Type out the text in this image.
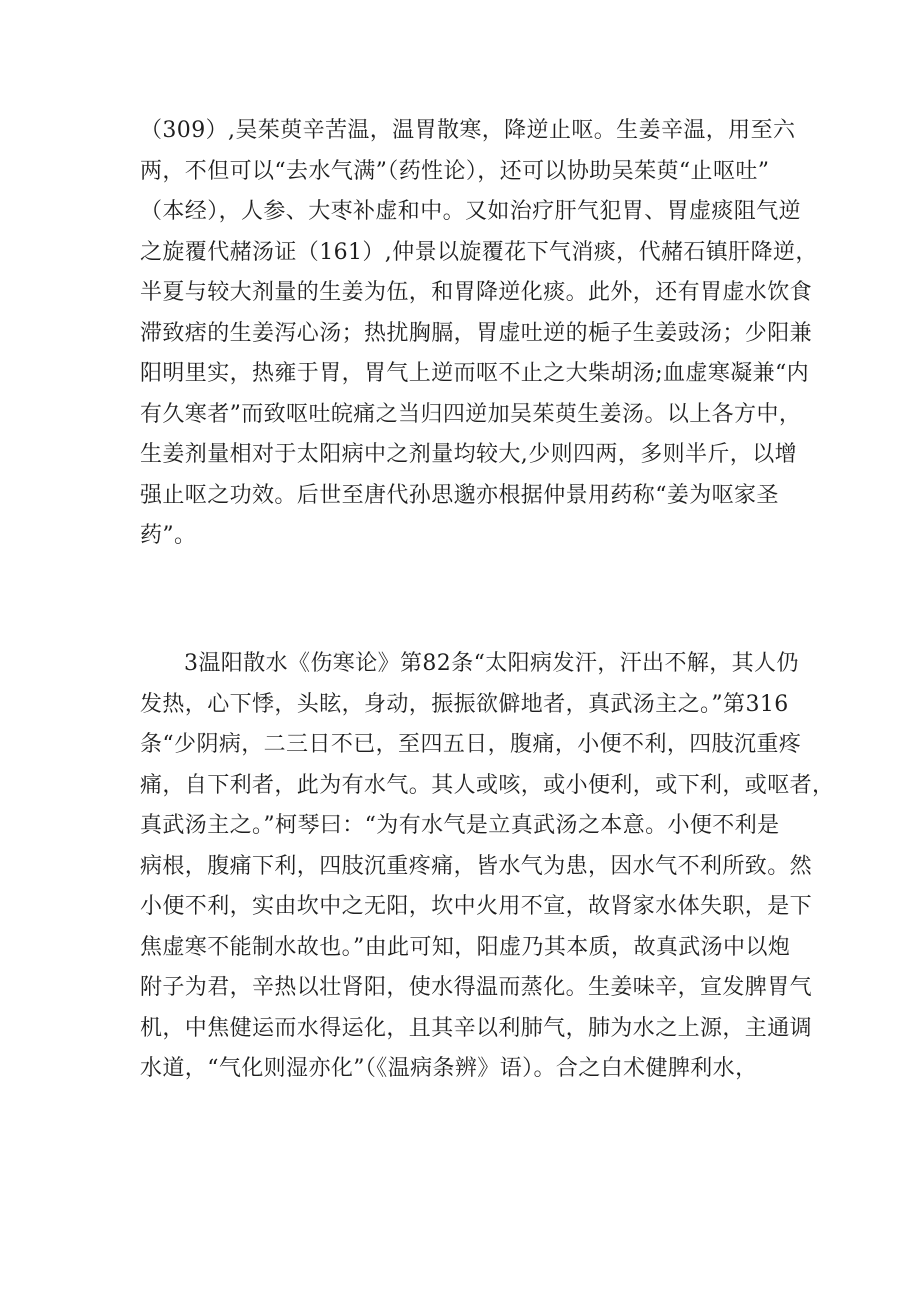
（309）,吴茱萸辛苦温，温胃散寒，降逆止呕。生姜辛温，用至六
两，不但可以“去水气满”（药性论），还可以协助吴茱萸“止呕吐”
（本经），人参、大枣补虚和中。又如治疗肝气犯胃、胃虚痰阻气逆
之旋覆代赭汤证（161）,仲景以旋覆花下气消痰，代赭石镇肝降逆，
半夏与较大剂量的生姜为伍，和胃降逆化痰。此外，还有胃虚水饮食
滞致痞的生姜泻心汤；热扰胸膈，胃虚吐逆的梔子生姜豉汤；少阳兼
阳明里实，热雍于胃，胃气上逆而呕不止之大柴胡汤;血虚寒凝兼“内
有久寒者”而致呕吐皖痛之当归四逆加吴茱萸生姜汤。以上各方中，
生姜剂量相对于太阳病中之剂量均较大,少则四两，多则半斤，以增
强止呕之功效。后世至唐代孙思邈亦根据仲景用药称“姜为呕家圣
药”。
3温阳散水《伤寒论》第82条“太阳病发汗，汗出不解，其人仍
发热，心下悸，头眩，身动，振振欲僻地者，真武汤主之。”第316
条“少阴病，二三日不已，至四五日，腹痛，小便不利，四肢沉重疼
痛，自下利者，此为有水气。其人或咳，或小便利，或下利，或呕者，
真武汤主之。”柯琴曰：“为有水气是立真武汤之本意。小便不利是
病根，腹痛下利，四肢沉重疼痛，皆水气为患，因水气不利所致。然
小便不利，实由坎中之无阳，坎中火用不宣，故肾家水体失职，是下
焦虚寒不能制水故也。”由此可知，阳虚乃其本质，故真武汤中以炮
附子为君，辛热以壮肾阳，使水得温而蒸化。生姜味辛，宣发脾胃气
机，中焦健运而水得运化，且其辛以利肺气，肺为水之上源，主通调
水道，“气化则湿亦化”（《温病条辨》语）。合之白术健脾利水，
